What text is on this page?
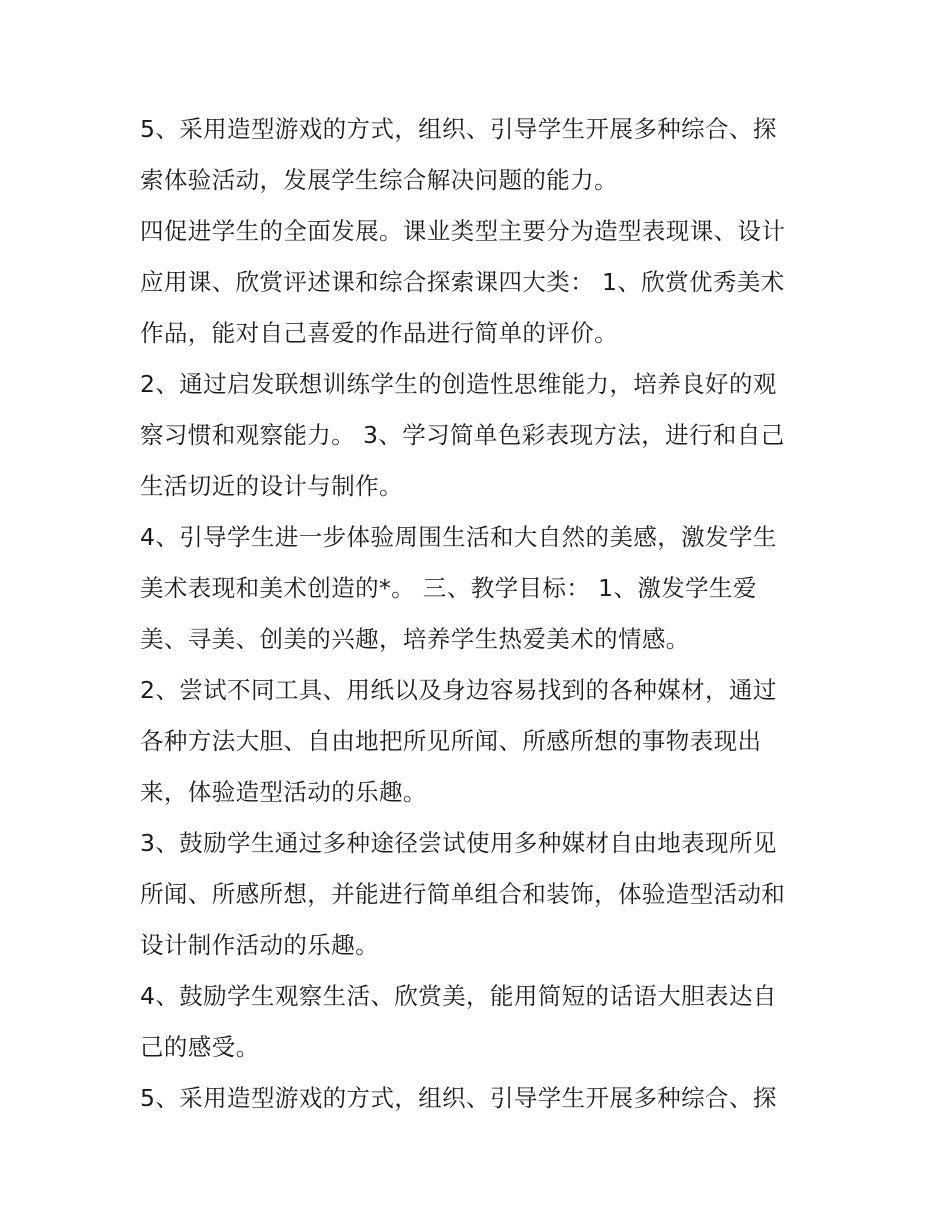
5、采用造型游戏的方式，组织、引导学生开展多种综合、探
索体验活动，发展学生综合解决问题的能力。
四促进学生的全面发展。课业类型主要分为造型表现课、设计
应用课、欣赏评述课和综合探索课四大类： 1、欣赏优秀美术
作品，能对自己喜爱的作品进行简单的评价。
2、通过启发联想训练学生的创造性思维能力，培养良好的观
察习惯和观察能力。 3、学习简单色彩表现方法，进行和自己
生活切近的设计与制作。
4、引导学生进一步体验周围生活和大自然的美感，激发学生
美术表现和美术创造的*。 三、教学目标： 1、激发学生爱
美、寻美、创美的兴趣，培养学生热爱美术的情感。
2、尝试不同工具、用纸以及身边容易找到的各种媒材，通过
各种方法大胆、自由地把所见所闻、所感所想的事物表现出
来，体验造型活动的乐趣。
3、鼓励学生通过多种途径尝试使用多种媒材自由地表现所见
所闻、所感所想，并能进行简单组合和装饰，体验造型活动和
设计制作活动的乐趣。
4、鼓励学生观察生活、欣赏美，能用简短的话语大胆表达自
己的感受。
5、采用造型游戏的方式，组织、引导学生开展多种综合、探
